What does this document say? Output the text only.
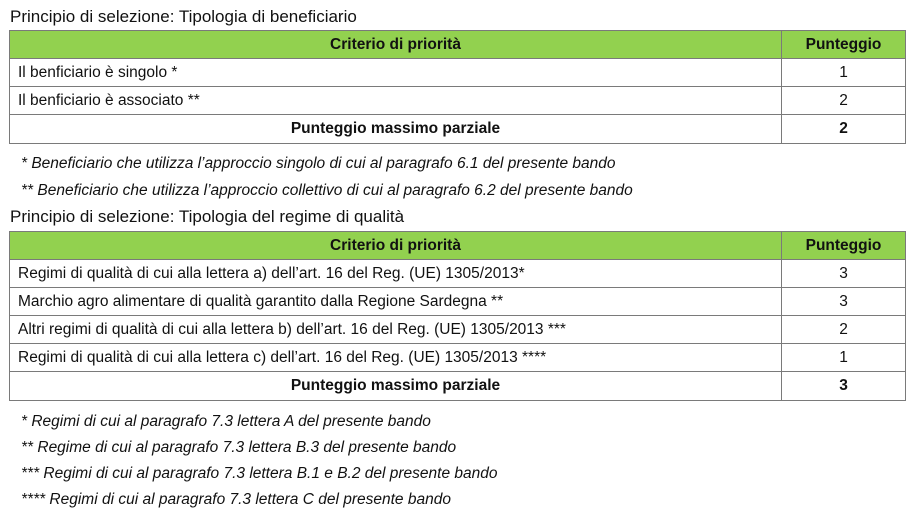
Principio di selezione: Tipologia di beneficiario
Criterio di priorità	Punteggio
Il benficiario è singolo *	1
Il benficiario è associato **	2
Punteggio massimo parziale	2
* Beneficiario che utilizza l’approccio singolo di cui al paragrafo 6.1 del presente bando
** Beneficiario che utilizza l’approccio collettivo di cui al paragrafo 6.2 del presente bando
Principio di selezione: Tipologia del regime di qualità
Criterio di priorità	Punteggio
Regimi di qualità di cui alla lettera a) dell’art. 16 del Reg. (UE) 1305/2013*	3
Marchio agro alimentare di qualità garantito dalla Regione Sardegna **	3
Altri regimi di qualità di cui alla lettera b) dell’art. 16 del Reg. (UE) 1305/2013 ***	2
Regimi di qualità di cui alla lettera c) dell’art. 16 del Reg. (UE) 1305/2013 ****	1
Punteggio massimo parziale	3
* Regimi di cui al paragrafo 7.3 lettera A del presente bando
** Regime di cui al paragrafo 7.3 lettera B.3 del presente bando
*** Regimi di cui al paragrafo 7.3 lettera B.1 e B.2 del presente bando
**** Regimi di cui al paragrafo 7.3 lettera C del presente bando
